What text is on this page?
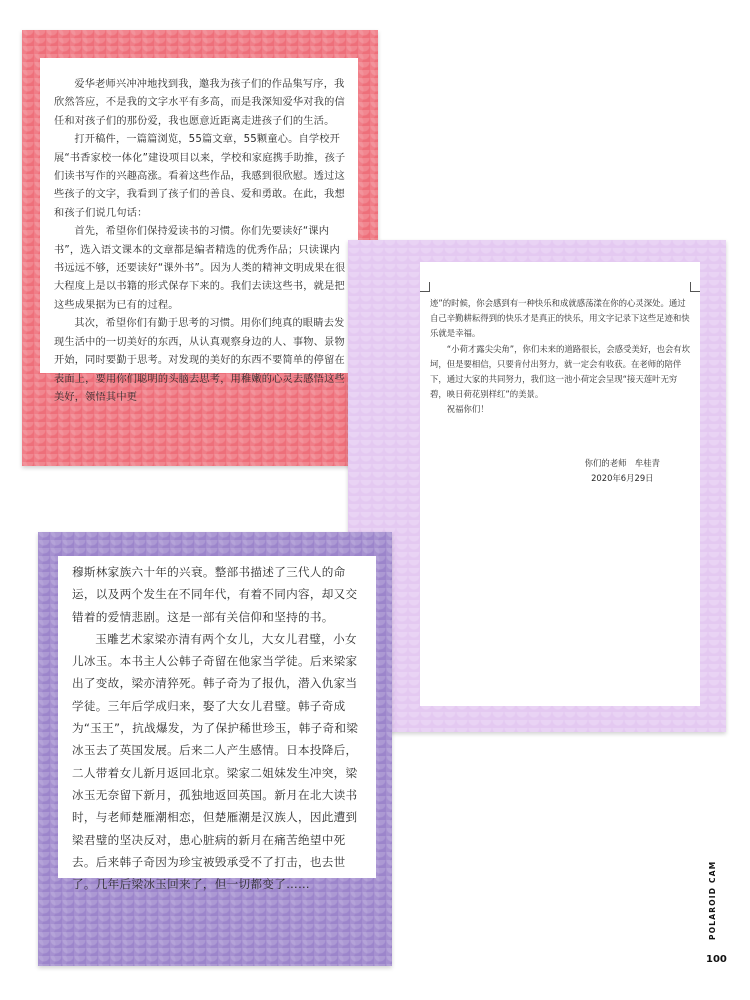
爱华老师兴冲冲地找到我，邀我为孩子们的作品集写序，我欣然答应，不是我的文字水平有多高，而是我深知爱华对我的信任和对孩子们的那份爱，我也愿意近距离走进孩子们的生活。

打开稿件，一篇篇浏览，55篇文章，55颗童心。自学校开展“书香家校一体化”建设项目以来，学校和家庭携手助推，孩子们读书写作的兴趣高涨。看着这些作品，我感到很欣慰。透过这些孩子的文字，我看到了孩子们的善良、爱和勇敢。在此，我想和孩子们说几句话：

首先，希望你们保持爱读书的习惯。你们先要读好“课内书”，选入语文课本的文章都是编者精选的优秀作品；只读课内书远远不够，还要读好“课外书”。因为人类的精神文明成果在很大程度上是以书籍的形式保存下来的。我们去读这些书，就是把这些成果据为已有的过程。

其次，希望你们有勤于思考的习惯。用你们纯真的眼睛去发现生活中的一切美好的东西，从认真观察身边的人、事物、景物开始，同时要勤于思考。对发现的美好的东西不要简单的停留在表面上，要用你们聪明的头脑去思考，用稚嫩的心灵去感悟这些美好，领悟其中更

迹”的时候，你会感到有一种快乐和成就感荡漾在你的心灵深处。通过自己辛勤耕耘得到的快乐才是真正的快乐，用文字记录下这些足迹和快乐就是幸福。

“小荷才露尖尖角”，你们未来的道路很长，会感受美好，也会有坎坷，但是要相信，只要肯付出努力，就一定会有收获。在老师的陪伴下，通过大家的共同努力，我们这一池小荷定会呈现“接天莲叶无穷碧，映日荷花别样红”的美景。

祝福你们！

你们的老师　牟桂青
2020年6月29日

穆斯林家族六十年的兴衰。整部书描述了三代人的命运，以及两个发生在不同年代，有着不同内容，却又交错着的爱情悲剧。这是一部有关信仰和坚持的书。

玉雕艺术家梁亦清有两个女儿，大女儿君璧，小女儿冰玉。本书主人公韩子奇留在他家当学徒。后来梁家出了变故，梁亦清猝死。韩子奇为了报仇，潜入仇家当学徒。三年后学成归来，娶了大女儿君璧。韩子奇成为“玉王”，抗战爆发，为了保护稀世珍玉，韩子奇和梁冰玉去了英国发展。后来二人产生感情。日本投降后，二人带着女儿新月返回北京。梁家二姐妹发生冲突，梁冰玉无奈留下新月，孤独地返回英国。新月在北大读书时，与老师楚雁潮相恋，但楚雁潮是汉族人，因此遭到梁君璧的坚决反对，患心脏病的新月在痛苦绝望中死去。后来韩子奇因为珍宝被毁承受不了打击，也去世了。几年后梁冰玉回来了，但一切都变了……	POLAROID CAM
100
